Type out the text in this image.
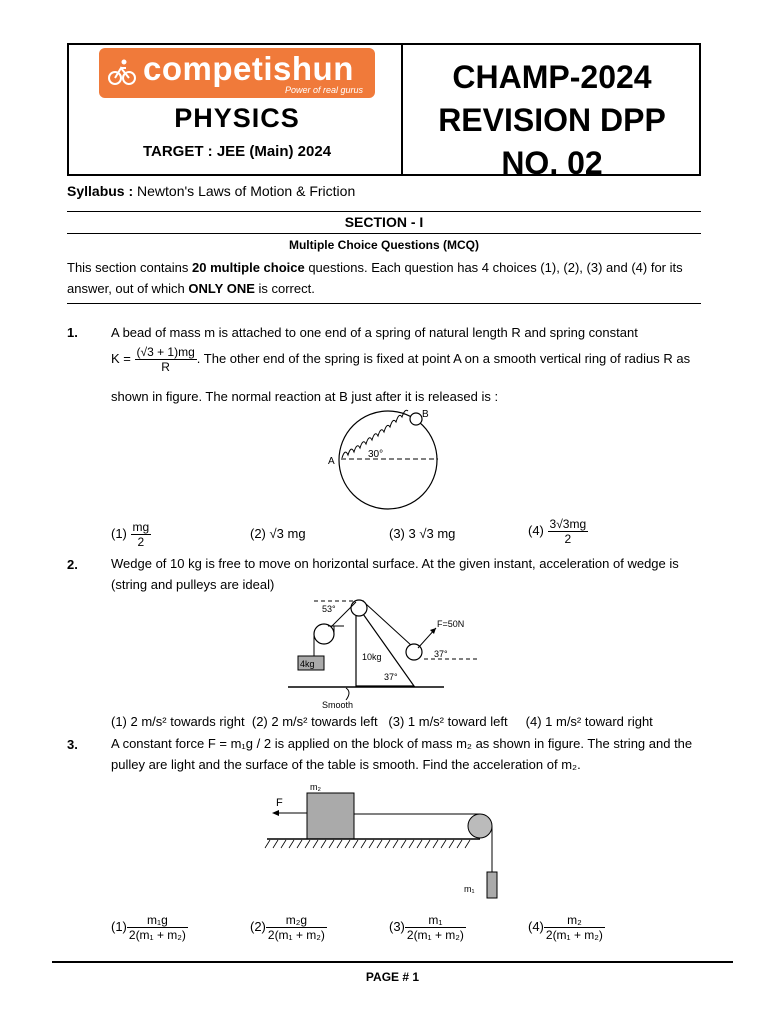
competishun
Power of real gurus
PHYSICS
TARGET : JEE (Main) 2024
CHAMP-2024
REVISION DPP
NO. 02
Syllabus : Newton's Laws of Motion & Friction
SECTION - I
Multiple Choice Questions (MCQ)
This section contains 20 multiple choice questions. Each question has 4 choices (1), (2), (3) and (4) for its
answer, out of which ONLY ONE is correct.
1.	A bead of mass m is attached to one end of a spring of natural length R and spring constant
$K = \frac{(√3 + 1)mg}{R}$ . The other end of the spring is fixed at point A on a smooth vertical ring of radius R as
shown in figure. The normal reaction at B just after it is released is :
B
A
30°
$(1) \frac{mg}{2}$	(2) √3 mg	(3) 3 √3 mg	$(4) \frac{3√3mg}{2}$
2.	Wedge of 10 kg is free to move on horizontal surface. At the given instant, acceleration of wedge is
(string and pulleys are ideal)
53°
F=50N
37°
4kg
10kg
37°
Smooth
(1) 2 m/s² towards right  (2) 2 m/s² towards left   (3) 1 m/s² toward left     (4) 1 m/s² toward right
3.	A constant force F = m₁g / 2 is applied on the block of mass m₂ as shown in figure. The string and the
pulley are light and the surface of the table is smooth. Find the acceleration of m₂.
m₂
F
m₁
$(1) \frac{\text{m₁g}}{\text{2(m₁ + m₂)}}$	$(2) \frac{\text{m₂g}}{\text{2(m₁ + m₂)}}$	$(3) \frac{\text{m₁}}{\text{2(m₁ + m₂)}}$	$(4) \frac{\text{m₂}}{\text{2(m₁ + m₂)}}$
PAGE # 1
